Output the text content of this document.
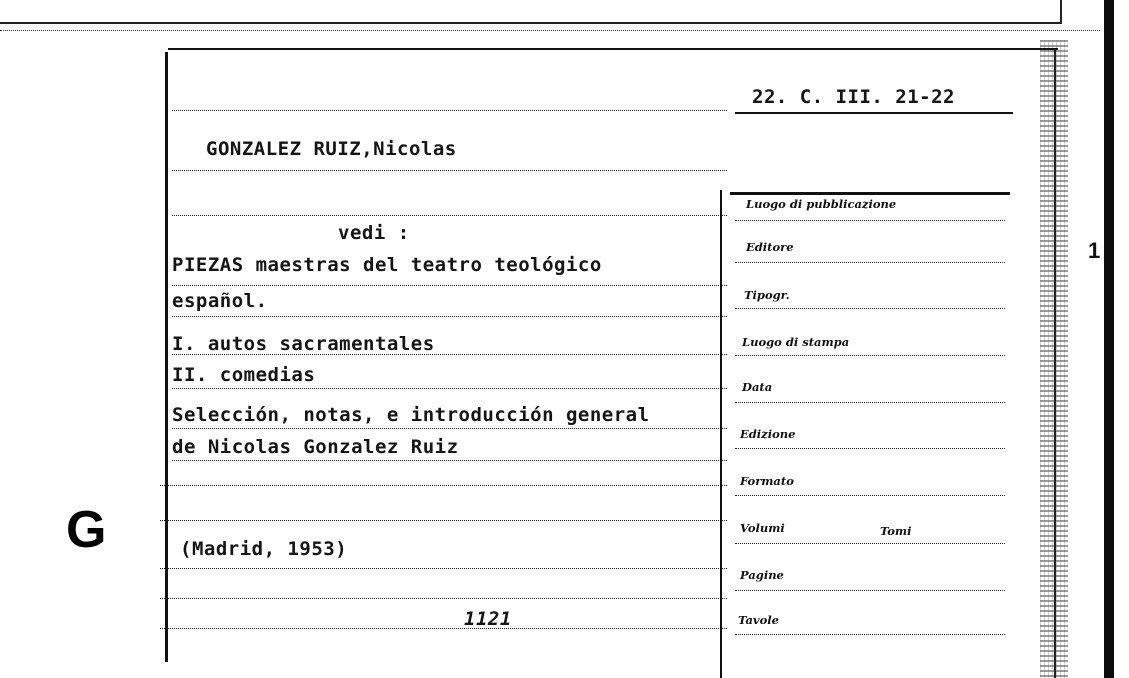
G
1
22. C. III. 21-22
GONZALEZ RUIZ,Nicolas
vedi :
PIEZAS maestras del teatro teológico
español.
I. autos sacramentales
II. comedias
Selección, notas, e introducción general
de Nicolas Gonzalez Ruiz
(Madrid, 1953)
1121
Luogo di pubblicazione
Editore
Tipogr.
Luogo di stampa
Data
Edizione
Formato
Volumi	Tomi
Pagine
Tavole
